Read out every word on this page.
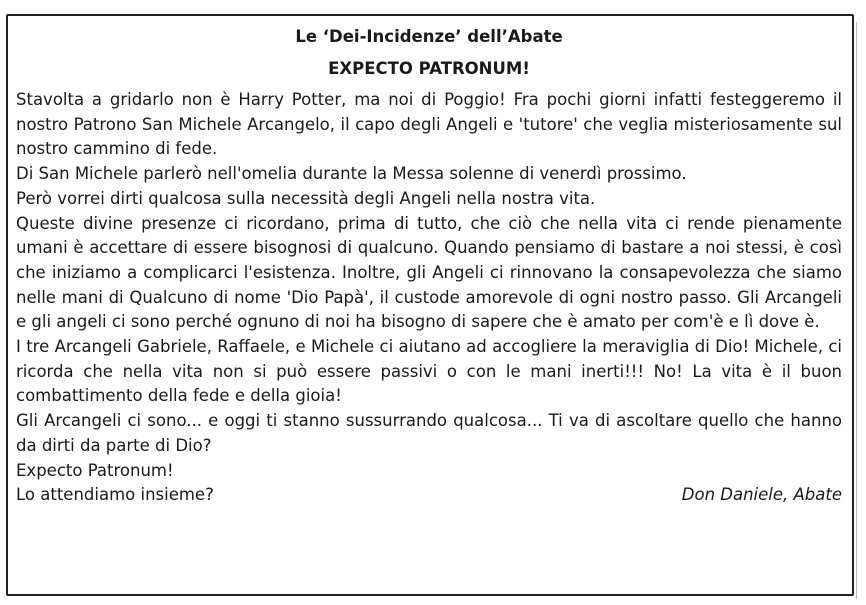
Le ‘Dei-Incidenze’ dell’Abate
EXPECTO PATRONUM!

Stavolta a gridarlo non è Harry Potter, ma noi di Poggio! Fra pochi giorni infatti festeggeremo il nostro Patrono San Michele Arcangelo, il capo degli Angeli e 'tutore' che veglia misteriosamente sul nostro cammino di fede.

Di San Michele parlerò nell'omelia durante la Messa solenne di venerdì prossimo.

Però vorrei dirti qualcosa sulla necessità degli Angeli nella nostra vita.

Queste divine presenze ci ricordano, prima di tutto, che ciò che nella vita ci rende pienamente umani è accettare di essere bisognosi di qualcuno. Quando pensiamo di bastare a noi stessi, è così che iniziamo a complicarci l'esistenza. Inoltre, gli Angeli ci rinnovano la consapevolezza che siamo nelle mani di Qualcuno di nome 'Dio Papà', il custode amorevole di ogni nostro passo. Gli Arcangeli e gli angeli ci sono perché ognuno di noi ha bisogno di sapere che è amato per com'è e lì dove è.

I tre Arcangeli Gabriele, Raffaele, e Michele ci aiutano ad accogliere la meraviglia di Dio! Michele, ci ricorda che nella vita non si può essere passivi o con le mani inerti!!! No! La vita è il buon combattimento della fede e della gioia!

Gli Arcangeli ci sono... e oggi ti stanno sussurrando qualcosa... Ti va di ascoltare quello che hanno da dirti da parte di Dio?

Expecto Patronum!

Lo attendiamo insieme?	Don Daniele, Abate
